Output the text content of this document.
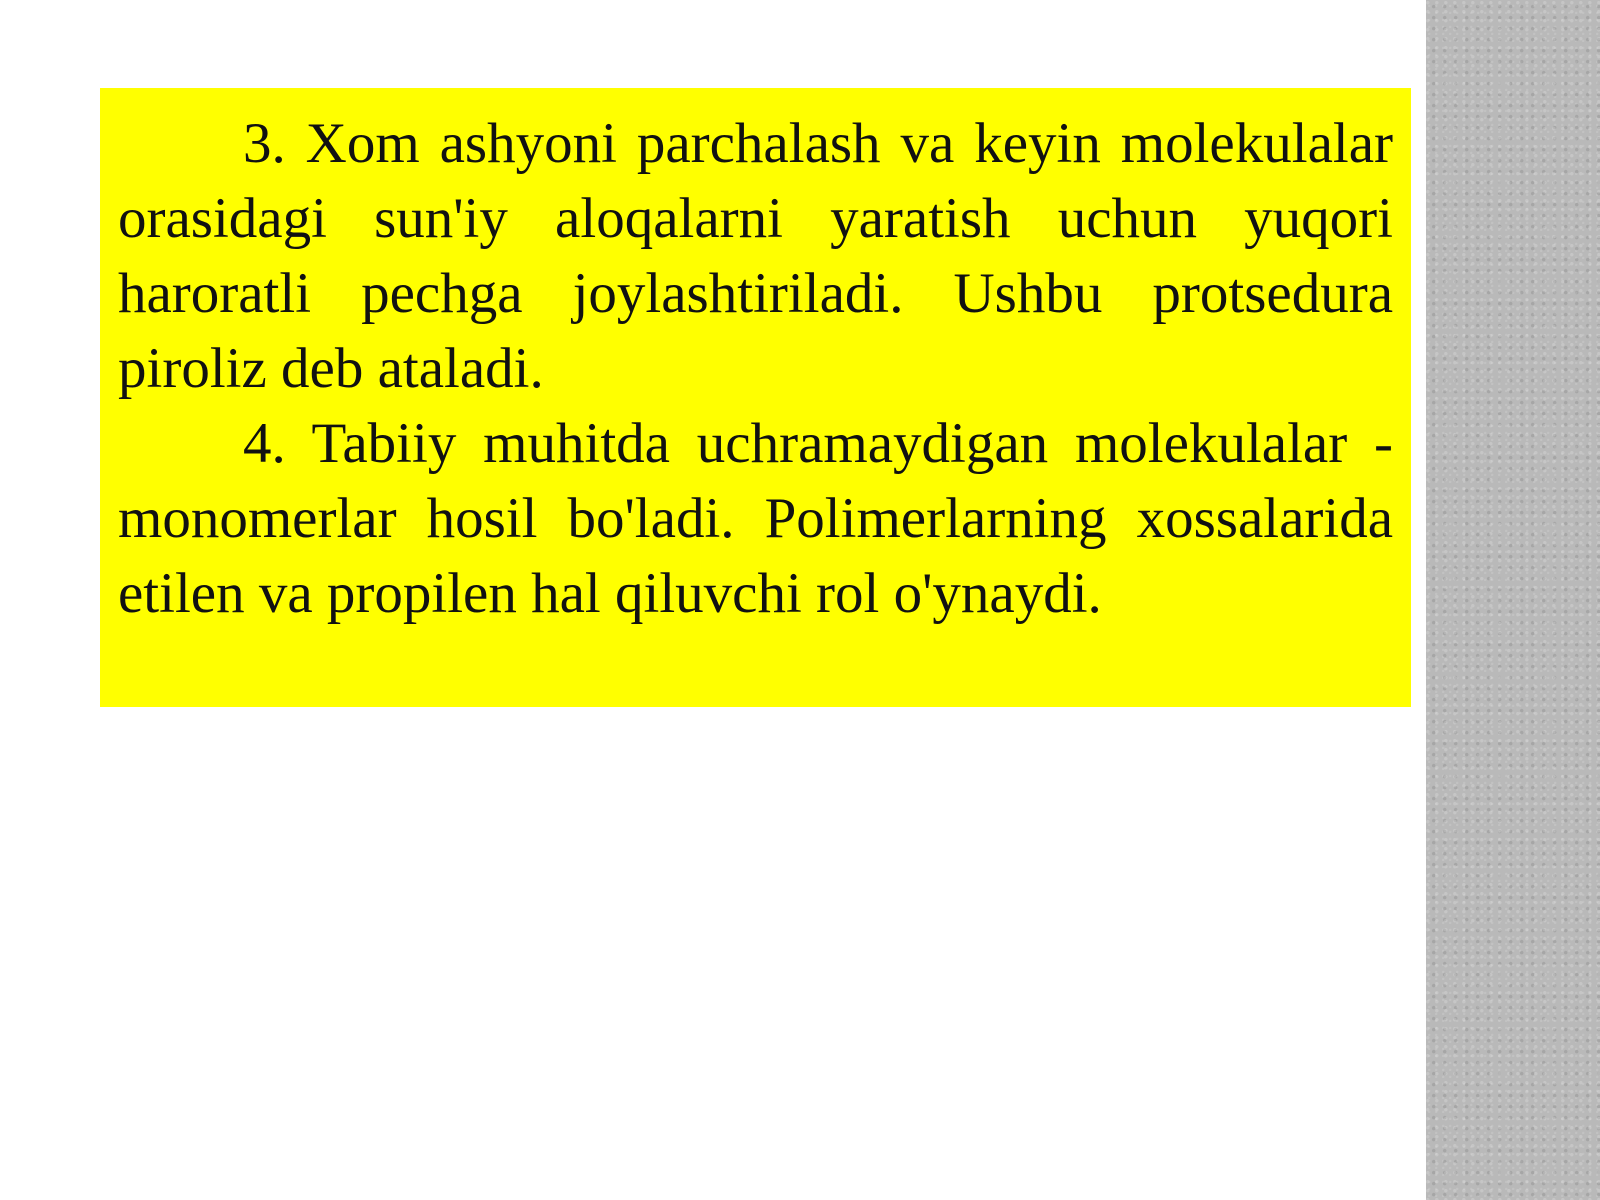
3. Xom ashyoni parchalash va keyin molekulalar orasidagi sun'iy aloqalarni yaratish uchun yuqori haroratli pechga joylashtiriladi. Ushbu protsedura piroliz deb ataladi.

4. Tabiiy muhitda uchramaydigan molekulalar - monomerlar hosil bo'ladi. Polimerlarning xossalarida etilen va propilen hal qiluvchi rol o'ynaydi.
